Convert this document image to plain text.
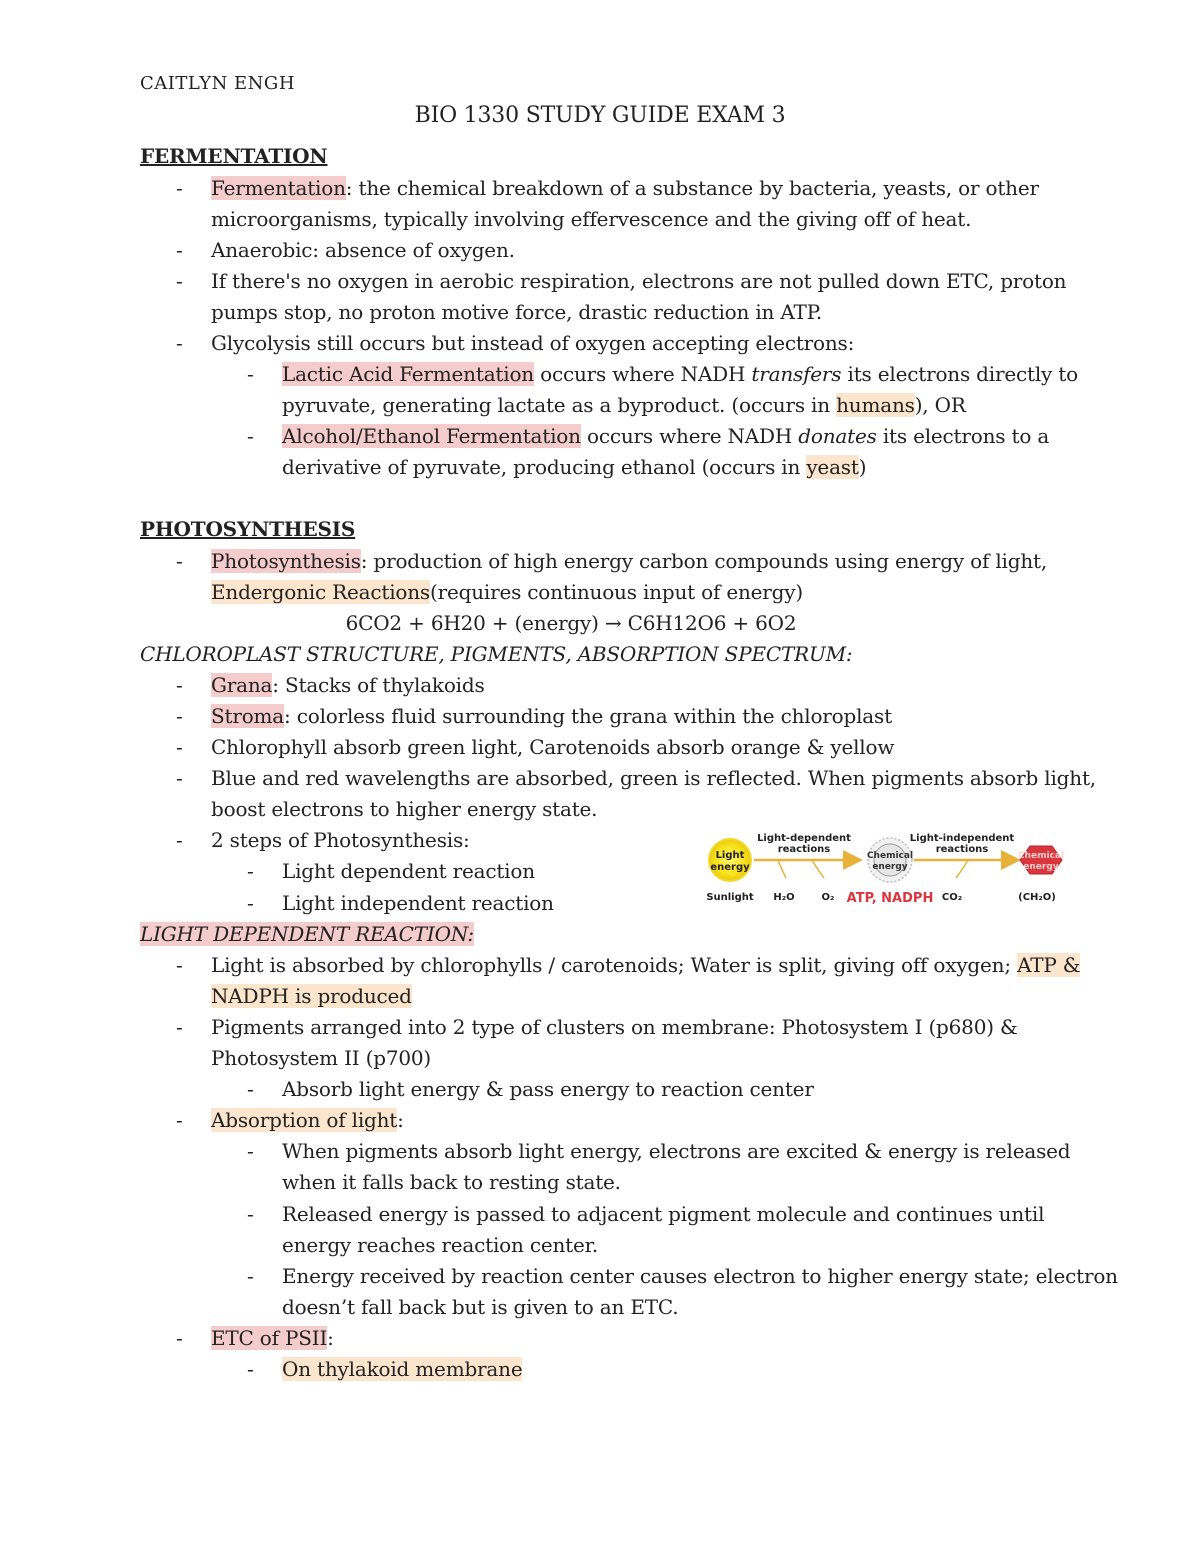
CAITLYN ENGH
BIO 1330 STUDY GUIDE EXAM 3
FERMENTATION
- Fermentation: the chemical breakdown of a substance by bacteria, yeasts, or other
microorganisms, typically involving effervescence and the giving off of heat.
- Anaerobic: absence of oxygen.
- If there's no oxygen in aerobic respiration, electrons are not pulled down ETC, proton
pumps stop, no proton motive force, drastic reduction in ATP.
- Glycolysis still occurs but instead of oxygen accepting electrons:
- Lactic Acid Fermentation occurs where NADH transfers its electrons directly to
pyruvate, generating lactate as a byproduct. (occurs in humans), OR
- Alcohol/Ethanol Fermentation occurs where NADH donates its electrons to a
derivative of pyruvate, producing ethanol (occurs in yeast)
PHOTOSYNTHESIS
- Photosynthesis: production of high energy carbon compounds using energy of light,
Endergonic Reactions(requires continuous input of energy)
6CO2 + 6H20 + (energy) → C6H12O6 + 6O2
CHLOROPLAST STRUCTURE, PIGMENTS, ABSORPTION SPECTRUM:
- Grana: Stacks of thylakoids
- Stroma: colorless fluid surrounding the grana within the chloroplast
- Chlorophyll absorb green light, Carotenoids absorb orange & yellow
- Blue and red wavelengths are absorbed, green is reflected. When pigments absorb light,
boost electrons to higher energy state.
- 2 steps of Photosynthesis:
- Light dependent reaction
- Light independent reaction
Light
energy
Light-dependent
reactions
Chemical
energy
Light-independent
reactions
Chemical
energy
Sunlight H₂O	O₂ ATP, NADPH CO₂	(CH₂O)
LIGHT DEPENDENT REACTION:
- Light is absorbed by chlorophylls / carotenoids; Water is split, giving off oxygen; ATP &
NADPH is produced
- Pigments arranged into 2 type of clusters on membrane: Photosystem I (p680) &
Photosystem II (p700)
- Absorb light energy & pass energy to reaction center
- Absorption of light:
- When pigments absorb light energy, electrons are excited & energy is released
when it falls back to resting state.
- Released energy is passed to adjacent pigment molecule and continues until
energy reaches reaction center.
- Energy received by reaction center causes electron to higher energy state; electron
doesn’t fall back but is given to an ETC.
- ETC of PSII:
- On thylakoid membrane
